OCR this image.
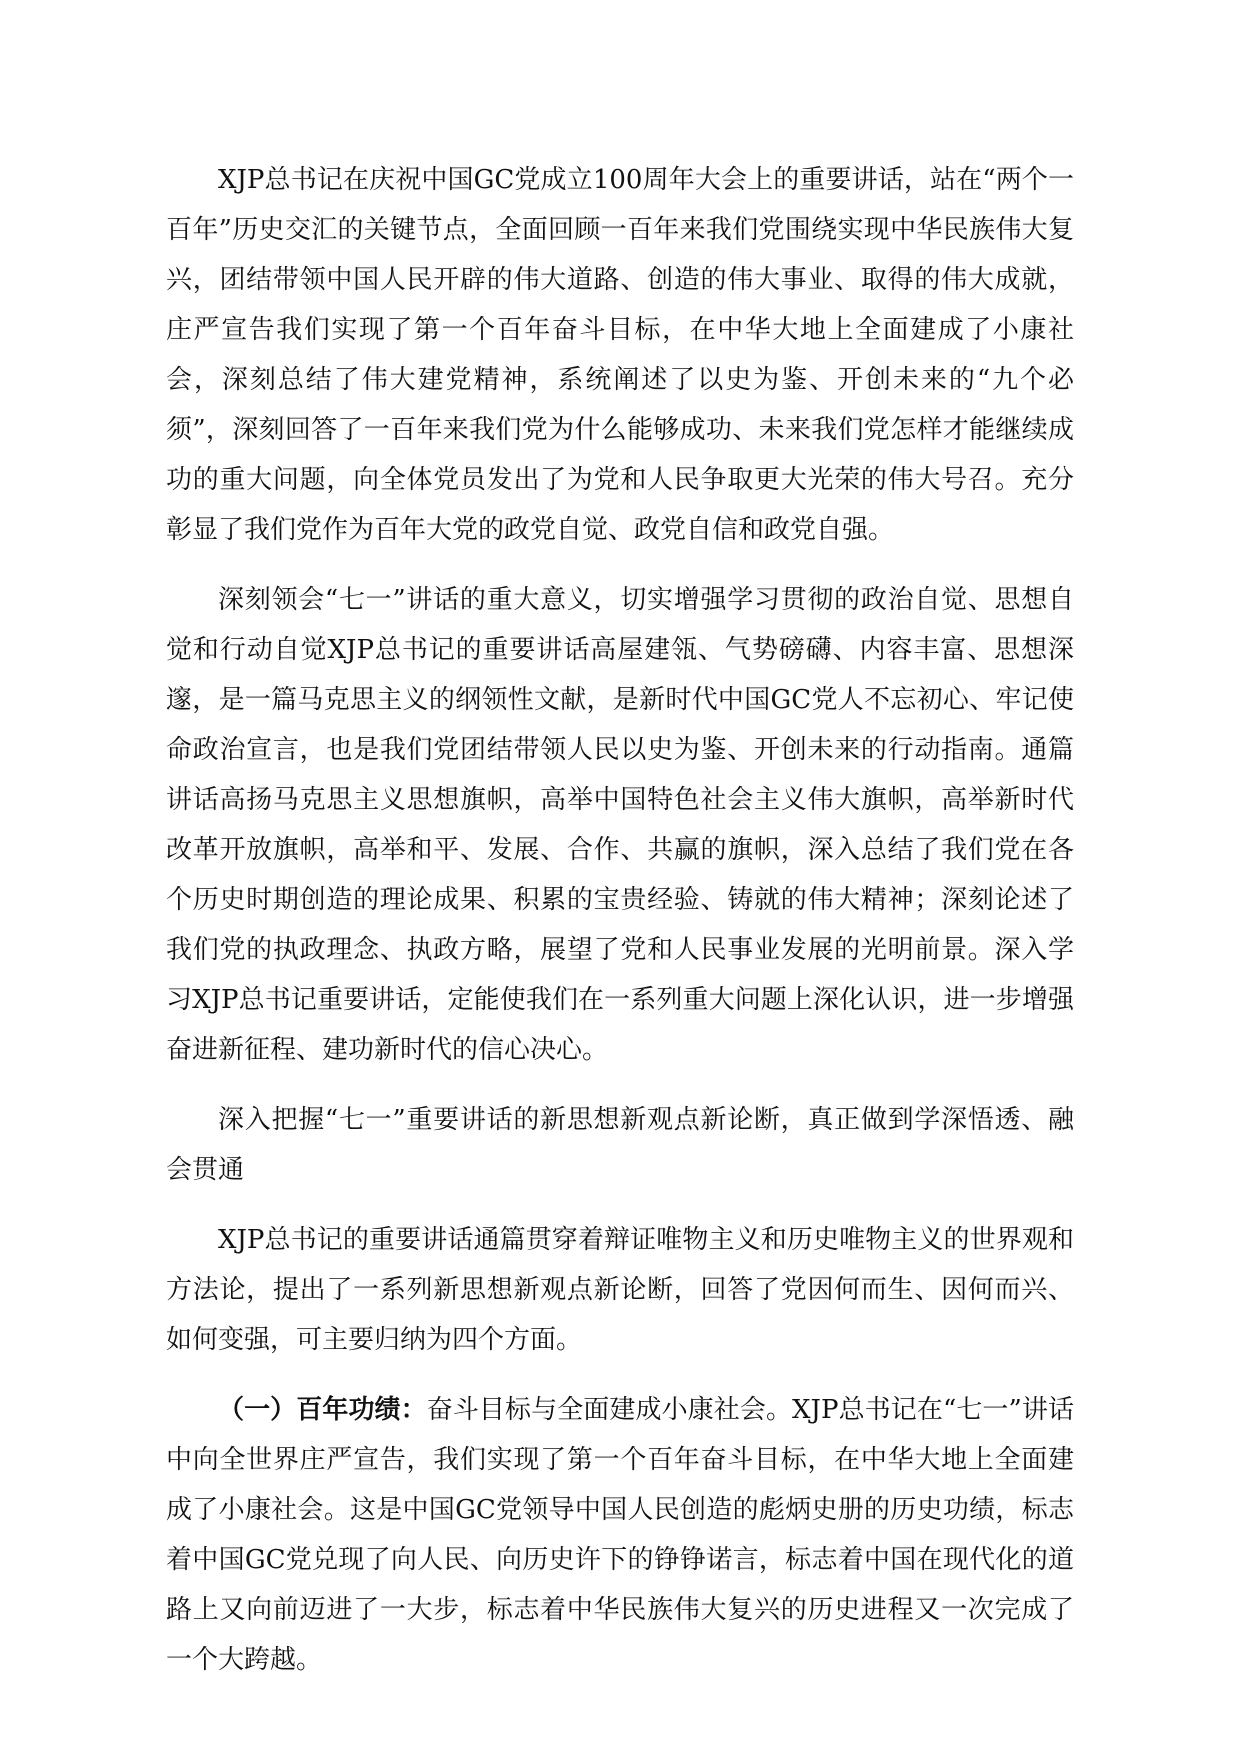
XJP总书记在庆祝中国GC党成立100周年大会上的重要讲话，站在“两个一百年”历史交汇的关键节点，全面回顾一百年来我们党围绕实现中华民族伟大复兴，团结带领中国人民开辟的伟大道路、创造的伟大事业、取得的伟大成就，庄严宣告我们实现了第一个百年奋斗目标，在中华大地上全面建成了小康社会，深刻总结了伟大建党精神，系统阐述了以史为鉴、开创未来的“九个必须”，深刻回答了一百年来我们党为什么能够成功、未来我们党怎样才能继续成功的重大问题，向全体党员发出了为党和人民争取更大光荣的伟大号召。充分彰显了我们党作为百年大党的政党自觉、政党自信和政党自强。

深刻领会“七一”讲话的重大意义，切实增强学习贯彻的政治自觉、思想自觉和行动自觉XJP总书记的重要讲话高屋建瓴、气势磅礴、内容丰富、思想深邃，是一篇马克思主义的纲领性文献，是新时代中国GC党人不忘初心、牢记使命政治宣言，也是我们党团结带领人民以史为鉴、开创未来的行动指南。通篇讲话高扬马克思主义思想旗帜，高举中国特色社会主义伟大旗帜，高举新时代改革开放旗帜，高举和平、发展、合作、共赢的旗帜，深入总结了我们党在各个历史时期创造的理论成果、积累的宝贵经验、铸就的伟大精神；深刻论述了我们党的执政理念、执政方略，展望了党和人民事业发展的光明前景。深入学习XJP总书记重要讲话，定能使我们在一系列重大问题上深化认识，进一步增强奋进新征程、建功新时代的信心决心。

深入把握“七一”重要讲话的新思想新观点新论断，真正做到学深悟透、融会贯通

XJP总书记的重要讲话通篇贯穿着辩证唯物主义和历史唯物主义的世界观和方法论，提出了一系列新思想新观点新论断，回答了党因何而生、因何而兴、如何变强，可主要归纳为四个方面。

（一）百年功绩：奋斗目标与全面建成小康社会。XJP总书记在“七一”讲话中向全世界庄严宣告，我们实现了第一个百年奋斗目标，在中华大地上全面建成了小康社会。这是中国GC党领导中国人民创造的彪炳史册的历史功绩，标志着中国GC党兑现了向人民、向历史许下的铮铮诺言，标志着中国在现代化的道路上又向前迈进了一大步，标志着中华民族伟大复兴的历史进程又一次完成了一个大跨越。
